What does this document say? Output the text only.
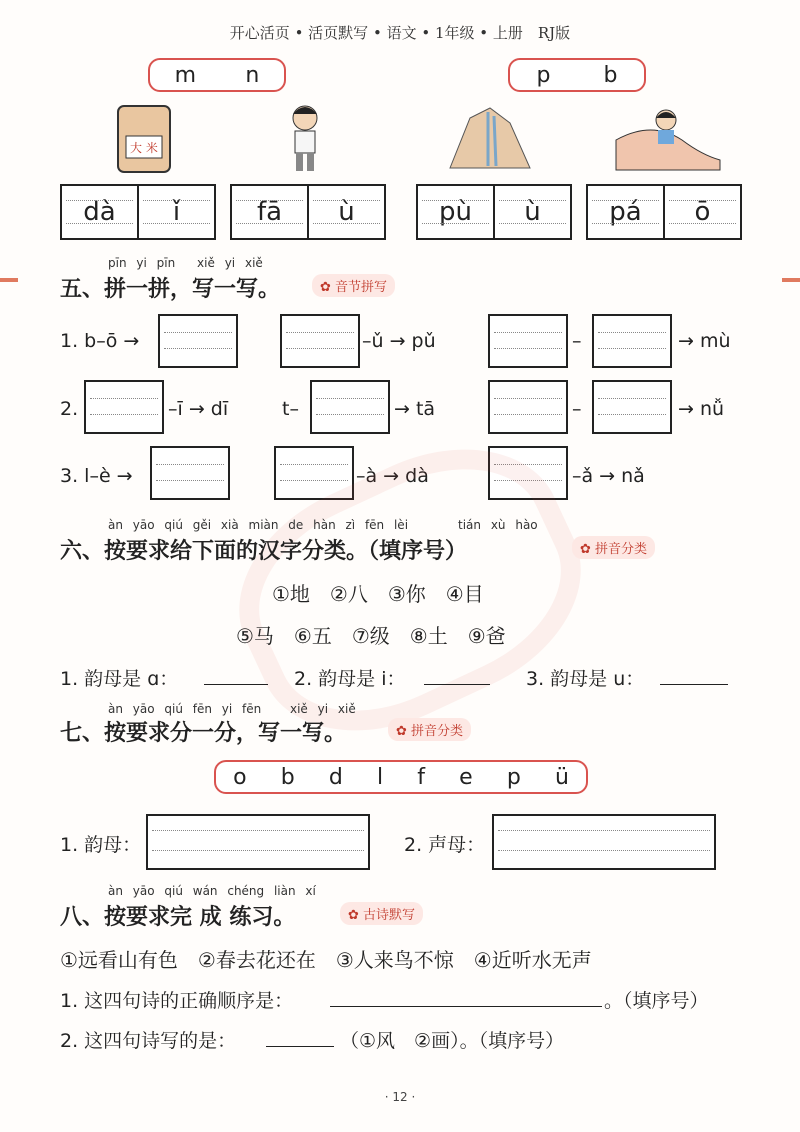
开心活页 • 活页默写 • 语文 • 1年级 • 上册　RJ版
m n	p b
大 米
dà	ǐ	fā	ù	pù	ù	pá	ō
pīn yi pīn xiě yi xiě
五、拼一拼，写一写。	✿ 音节拼写
1. b–ō →	–ǔ → pǔ	–	→ mù
2.	–ī → dī	t–	→ tā	–	→ nǚ
3. l–è →	–à → dà	–ǎ → nǎ
àn yāo qiú gěi xià miàn de hàn zì fēn lèi	tián xù hào
六、按要求给下面的汉字分类。（填序号）	✿ 拼音分类
①地　②八　③你　④目
⑤马　⑥五　⑦级　⑧土　⑨爸
1. 韵母是 ɑ：	2. 韵母是 i：	3. 韵母是 u：
àn yāo qiú fēn yi fēn xiě yi xiě
七、按要求分一分，写一写。	✿ 拼音分类
o b d l f e p ü
1. 韵母：	2. 声母：
àn yāo qiú wán chéng liàn xí
八、按要求完 成 练习。	✿ 古诗默写
①远看山有色　②春去花还在　③人来鸟不惊　④近听水无声
1. 这四句诗的正确顺序是：	。（填序号）
2. 这四句诗写的是：	（①风　②画）。（填序号）
· 12 ·
